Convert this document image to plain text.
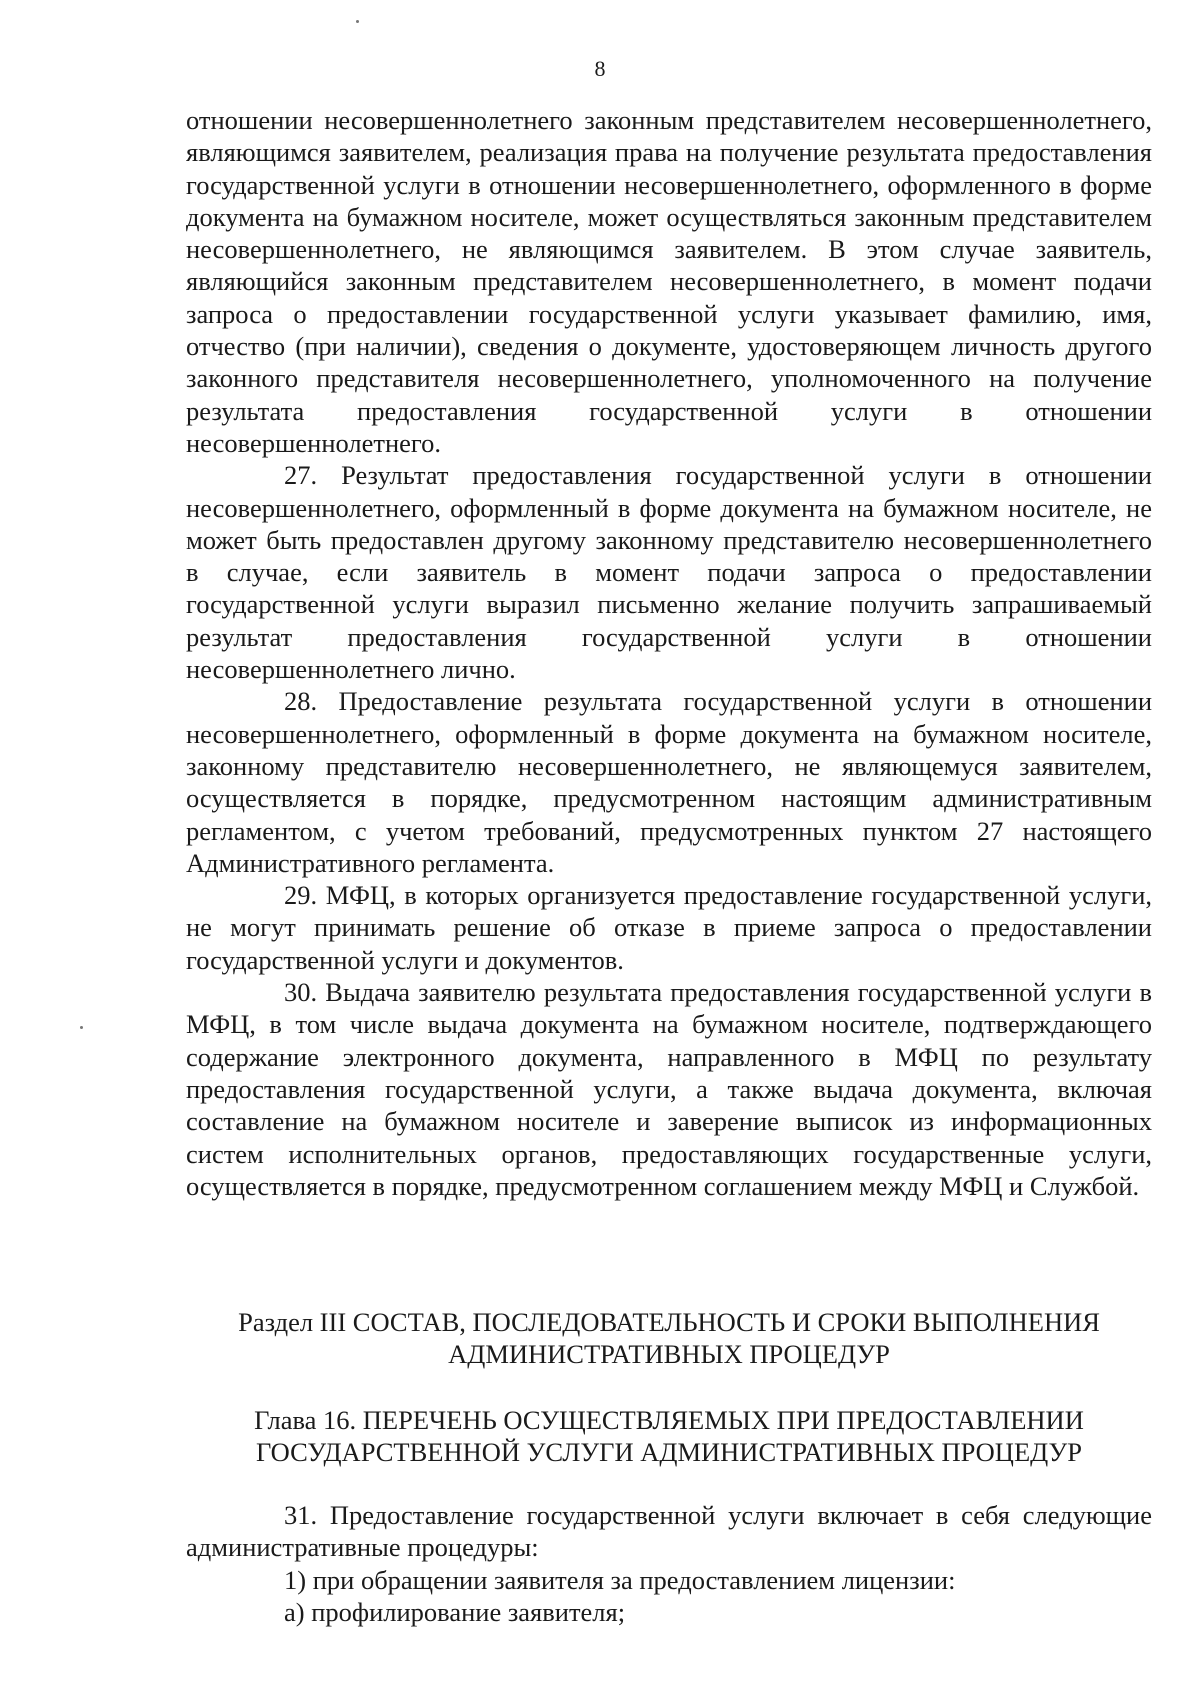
8

отношении несовершеннолетнего законным представителем несовершеннолетнего, являющимся заявителем, реализация права на получение результата предоставления государственной услуги в отношении несовершеннолетнего, оформленного в форме документа на бумажном носителе, может осуществляться законным представителем несовершеннолетнего, не являющимся заявителем. В этом случае заявитель, являющийся законным представителем несовершеннолетнего, в момент подачи запроса о предоставлении государственной услуги указывает фамилию, имя, отчество (при наличии), сведения о документе, удостоверяющем личность другого законного представителя несовершеннолетнего, уполномоченного на получение результата предоставления государственной услуги в отношении несовершеннолетнего.

27. Результат предоставления государственной услуги в отношении несовершеннолетнего, оформленный в форме документа на бумажном носителе, не может быть предоставлен другому законному представителю несовершеннолетнего в случае, если заявитель в момент подачи запроса о предоставлении государственной услуги выразил письменно желание получить запрашиваемый результат предоставления государственной услуги в отношении несовершеннолетнего лично.

28. Предоставление результата государственной услуги в отношении несовершеннолетнего, оформленный в форме документа на бумажном носителе, законному представителю несовершеннолетнего, не являющемуся заявителем, осуществляется в порядке, предусмотренном настоящим административным регламентом, с учетом требований, предусмотренных пунктом 27 настоящего Административного регламента.

29. МФЦ, в которых организуется предоставление государственной услуги, не могут принимать решение об отказе в приеме запроса о предоставлении государственной услуги и документов.

30. Выдача заявителю результата предоставления государственной услуги в МФЦ, в том числе выдача документа на бумажном носителе, подтверждающего содержание электронного документа, направленного в МФЦ по результату предоставления государственной услуги, а также выдача документа, включая составление на бумажном носителе и заверение выписок из информационных систем исполнительных органов, предоставляющих государственные услуги, осуществляется в порядке, предусмотренном соглашением между МФЦ и Службой.

Раздел III СОСТАВ, ПОСЛЕДОВАТЕЛЬНОСТЬ И СРОКИ ВЫПОЛНЕНИЯ
АДМИНИСТРАТИВНЫХ ПРОЦЕДУР
Глава 16. ПЕРЕЧЕНЬ ОСУЩЕСТВЛЯЕМЫХ ПРИ ПРЕДОСТАВЛЕНИИ
ГОСУДАРСТВЕННОЙ УСЛУГИ АДМИНИСТРАТИВНЫХ ПРОЦЕДУР

31. Предоставление государственной услуги включает в себя следующие административные процедуры:

1) при обращении заявителя за предоставлением лицензии:

а) профилирование заявителя;
